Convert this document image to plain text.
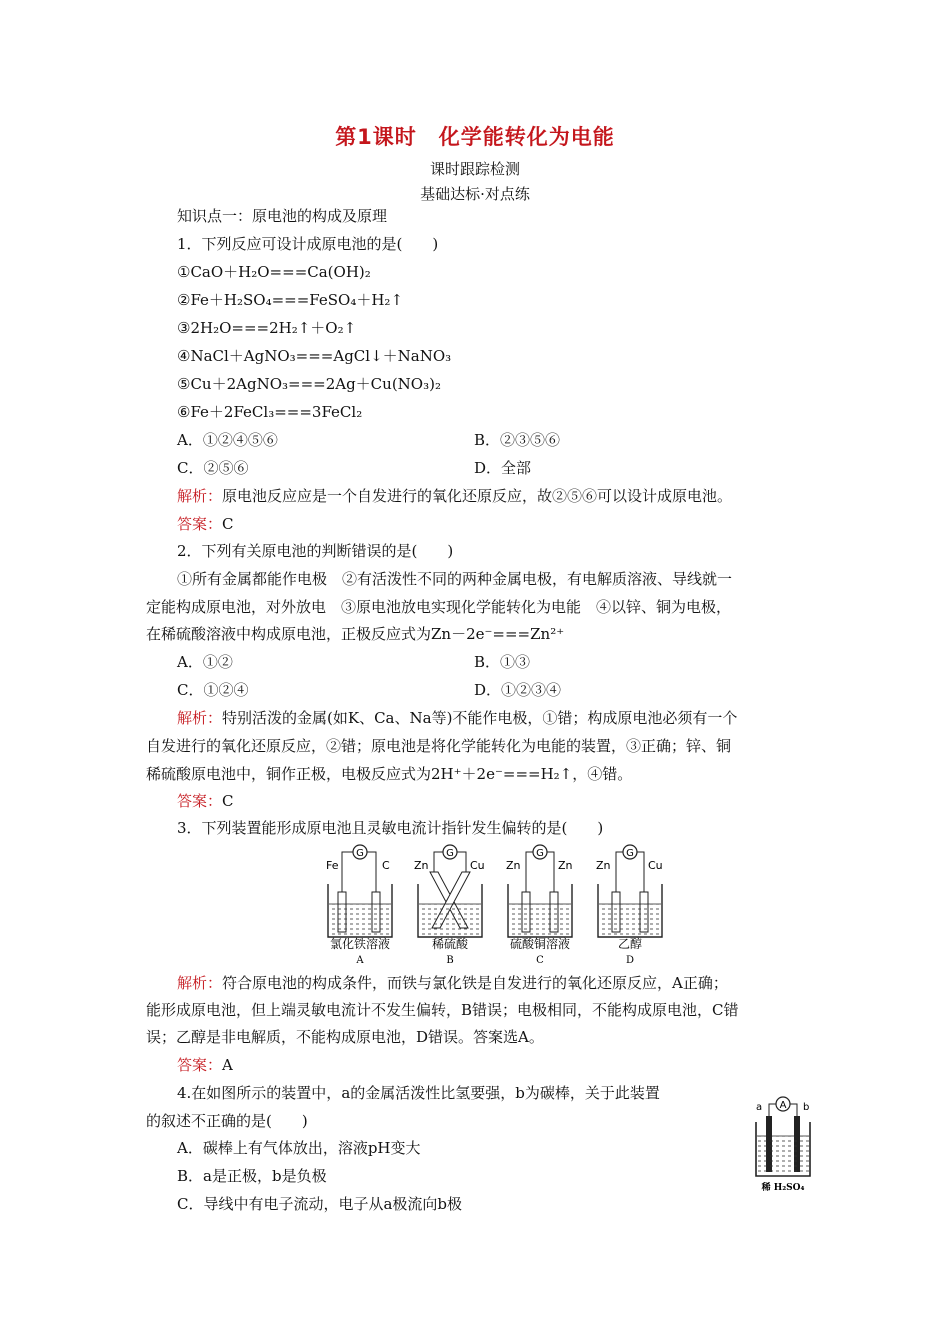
第1课时　化学能转化为电能
课时跟踪检测
基础达标·对点练
知识点一：原电池的构成及原理
1．下列反应可设计成原电池的是(　　)
①CaO＋H₂O===Ca(OH)₂
②Fe＋H₂SO₄===FeSO₄＋H₂↑
③2H₂O===2H₂↑＋O₂↑
④NaCl＋AgNO₃===AgCl↓＋NaNO₃
⑤Cu＋2AgNO₃===2Ag＋Cu(NO₃)₂
⑥Fe＋2FeCl₃===3FeCl₂
A．①②④⑤⑥	B．②③⑤⑥
C．②⑤⑥	D．全部
解析：原电池反应应是一个自发进行的氧化还原反应，故②⑤⑥可以设计成原电池。
答案：C
2．下列有关原电池的判断错误的是(　　)
①所有金属都能作电极　②有活泼性不同的两种金属电极，有电解质溶液、导线就一
定能构成原电池，对外放电　③原电池放电实现化学能转化为电能　④以锌、铜为电极，
在稀硫酸溶液中构成原电池，正极反应式为Zn－2e⁻===Zn²⁺
A．①②	B．①③
C．①②④	D．①②③④
解析：特别活泼的金属(如K、Ca、Na等)不能作电极，①错；构成原电池必须有一个
自发进行的氧化还原反应，②错；原电池是将化学能转化为电能的装置，③正确；锌、铜
稀硫酸原电池中，铜作正极，电极反应式为2H⁺＋2e⁻===H₂↑，④错。
答案：C
3．下列装置能形成原电池且灵敏电流计指针发生偏转的是(　　)
G
Fe	C
氯化铁溶液
A
G
Zn	Cu
稀硫酸
B
G
Zn	Zn
硫酸铜溶液
C
G
Zn	Cu
乙醇
D
解析：符合原电池的构成条件，而铁与氯化铁是自发进行的氧化还原反应，A正确；
能形成原电池，但上端灵敏电流计不发生偏转，B错误；电极相同，不能构成原电池，C错
误；乙醇是非电解质，不能构成原电池，D错误。答案选A。
答案：A
4.在如图所示的装置中，a的金属活泼性比氢要强，b为碳棒，关于此装置
的叙述不正确的是(　　)
A．碳棒上有气体放出，溶液pH变大
B．a是正极，b是负极
C．导线中有电子流动，电子从a极流向b极
A
a	b
稀 H₂SO₄
